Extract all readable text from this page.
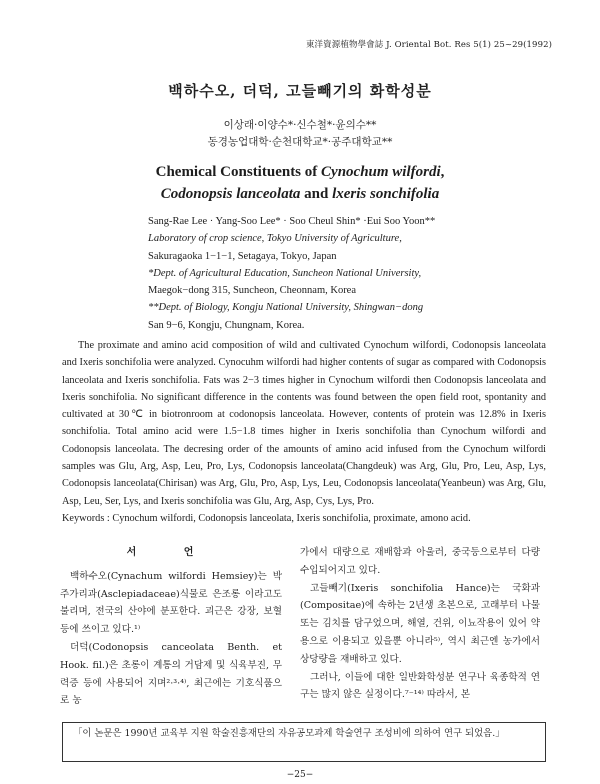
東洋資源植物學會誌 J. Oriental Bot. Res 5(1) 25~29(1992)
백하수오, 더덕, 고들빼기의 화학성분
이상래·이양수*·신수철*·윤의수**
동경농업대학·순천대학교*·공주대학교**
Chemical Constituents of Cynochum wilfordi,
Codonopsis lanceolata and lxeris sonchifolia
Sang-Rae Lee · Yang-Soo Lee* · Soo Cheul Shin* ·Eui Soo Yoon**
Laboratory of crop science, Tokyo University of Agriculture,
Sakuragaoka 1−1−1, Setagaya, Tokyo, Japan
*Dept. of Agricultural Education, Suncheon National University,
Maegok−dong 315, Suncheon, Cheonnam, Korea
**Dept. of Biology, Kongju National University, Shingwan−dong
San 9−6, Kongju, Chungnam, Korea.

The proximate and amino acid composition of wild and cultivated Cynochum wilfordi, Codonopsis lanceolata and Ixeris sonchifolia were analyzed. Cynocuhm wilfordi had higher contents of sugar as compared with Codonopsis lanceolata and Ixeris sonchifolia. Fats was 2−3 times higher in Cynochum wilfordi then Codonopsis lanceolata and Ixeris sonchifolia. No significant difference in the contents was found between the open field root, spontanity and cultivated at 30℃ in biotronroom at codonopsis lanceolata. However, contents of protein was 12.8% in Ixeris sonchifolia. Total amino acid were 1.5−1.8 times higher in Ixeris sonchifolia than Cynochum wilfordi and Codonopsis lanceolata. The decresing order of the amounts of amino acid infused from the Cynochum wilfordi samples was Glu, Arg, Asp, Leu, Pro, Lys, Codonopsis lanceolata(Changdeuk) was Arg, Glu, Pro, Leu, Asp, Lys, Codonopsis lanceolata(Chirisan) was Arg, Glu, Pro, Asp, Lys, Leu, Codonopsis lanceolata(Yeanbeun) was Arg, Glu, Asp, Leu, Ser, Lys, and Ixeris sonchifolia was Glu, Arg, Asp, Cys, Lys, Pro.

Keywords : Cynochum wilfordi, Codonopsis lanceolata, Ixeris sonchifolia, proximate, amono acid.

서 언

백하수오(Cynachum wilfordi Hemsiey)는 박주가리과(Asclepiadaceae)식물로 은조롱 이라고도 불리며, 전국의 산야에 분포한다. 괴근은 강장, 보혈 등에 쓰이고 있다.¹⁾

더덕(Codonopsis canceolata Benth. et Hook. fil.)은 초롱이 계통의 거담제 및 식육부진, 무력증 등에 사용되어 지며²·³·⁴⁾, 최근에는 기호식품으로 농

가에서 대량으로 재배함과 아울러, 중국등으로부터 다량 수입되어지고 있다.

고들빼기(Ixeris sonchifolia Hance)는 국화과(Compositae)에 속하는 2년생 초본으로, 고래부터 나물 또는 김치를 담구었으며, 해열, 건위, 이뇨작용이 있어 약용으로 이용되고 있을뿐 아니라⁵⁾, 역시 최근엔 농가에서 상당량을 재배하고 있다.

그러나, 이들에 대한 일반화학성분 연구나 육종학적 연구는 많지 않은 실정이다.⁷⁻¹⁴⁾ 따라서, 본

「이 논문은 1990년 교육부 지원 학술진흥재단의 자유공모과제 학술연구 조성비에 의하여 연구 되었음.」
−25−
